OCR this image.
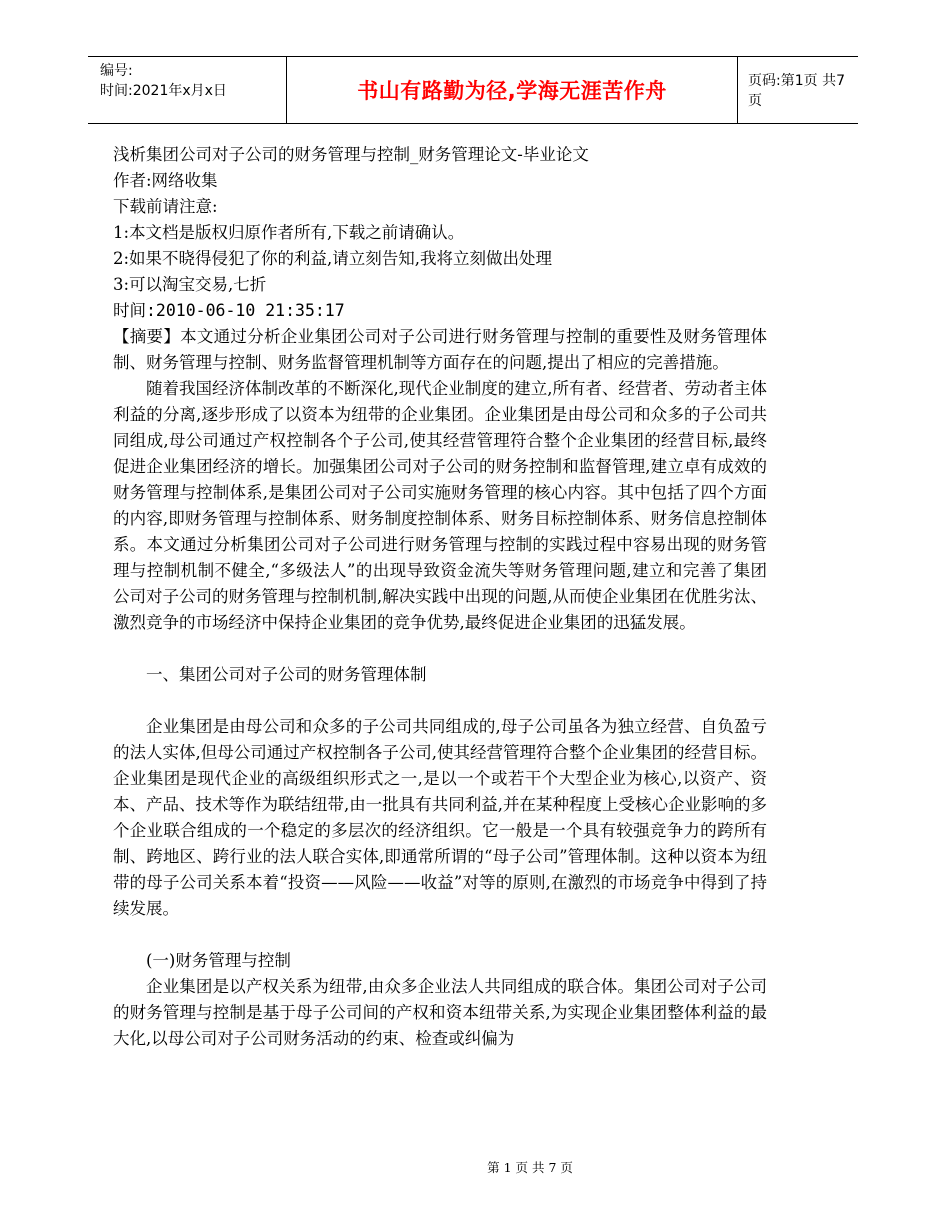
编号:
时间:2021年x月x日	书山有路勤为径,学海无涯苦作舟	页码:第1页 共7页
浅析集团公司对子公司的财务管理与控制_财务管理论文-毕业论文
作者:网络收集
下载前请注意:
1:本文档是版权归原作者所有,下载之前请确认。
2:如果不晓得侵犯了你的利益,请立刻告知,我将立刻做出处理
3:可以淘宝交易,七折
时间:2010-06-10 21:35:17

【摘要】本文通过分析企业集团公司对子公司进行财务管理与控制的重要性及财务管理体制、财务管理与控制、财务监督管理机制等方面存在的问题,提出了相应的完善措施。

随着我国经济体制改革的不断深化,现代企业制度的建立,所有者、经营者、劳动者主体利益的分离,逐步形成了以资本为纽带的企业集团。企业集团是由母公司和众多的子公司共同组成,母公司通过产权控制各个子公司,使其经营管理符合整个企业集团的经营目标,最终促进企业集团经济的增长。加强集团公司对子公司的财务控制和监督管理,建立卓有成效的财务管理与控制体系,是集团公司对子公司实施财务管理的核心内容。其中包括了四个方面的内容,即财务管理与控制体系、财务制度控制体系、财务目标控制体系、财务信息控制体系。本文通过分析集团公司对子公司进行财务管理与控制的实践过程中容易出现的财务管理与控制机制不健全,“多级法人”的出现导致资金流失等财务管理问题,建立和完善了集团公司对子公司的财务管理与控制机制,解决实践中出现的问题,从而使企业集团在优胜劣汰、激烈竞争的市场经济中保持企业集团的竞争优势,最终促进企业集团的迅猛发展。

一、集团公司对子公司的财务管理体制

企业集团是由母公司和众多的子公司共同组成的,母子公司虽各为独立经营、自负盈亏的法人实体,但母公司通过产权控制各子公司,使其经营管理符合整个企业集团的经营目标。企业集团是现代企业的高级组织形式之一,是以一个或若干个大型企业为核心,以资产、资本、产品、技术等作为联结纽带,由一批具有共同利益,并在某种程度上受核心企业影响的多个企业联合组成的一个稳定的多层次的经济组织。它一般是一个具有较强竞争力的跨所有制、跨地区、跨行业的法人联合实体,即通常所谓的“母子公司”管理体制。这种以资本为纽带的母子公司关系本着“投资——风险——收益”对等的原则,在激烈的市场竞争中得到了持续发展。

(一)财务管理与控制

企业集团是以产权关系为纽带,由众多企业法人共同组成的联合体。集团公司对子公司的财务管理与控制是基于母子公司间的产权和资本纽带关系,为实现企业集团整体利益的最大化,以母公司对子公司财务活动的约束、检查或纠偏为

第 1 页 共 7 页
